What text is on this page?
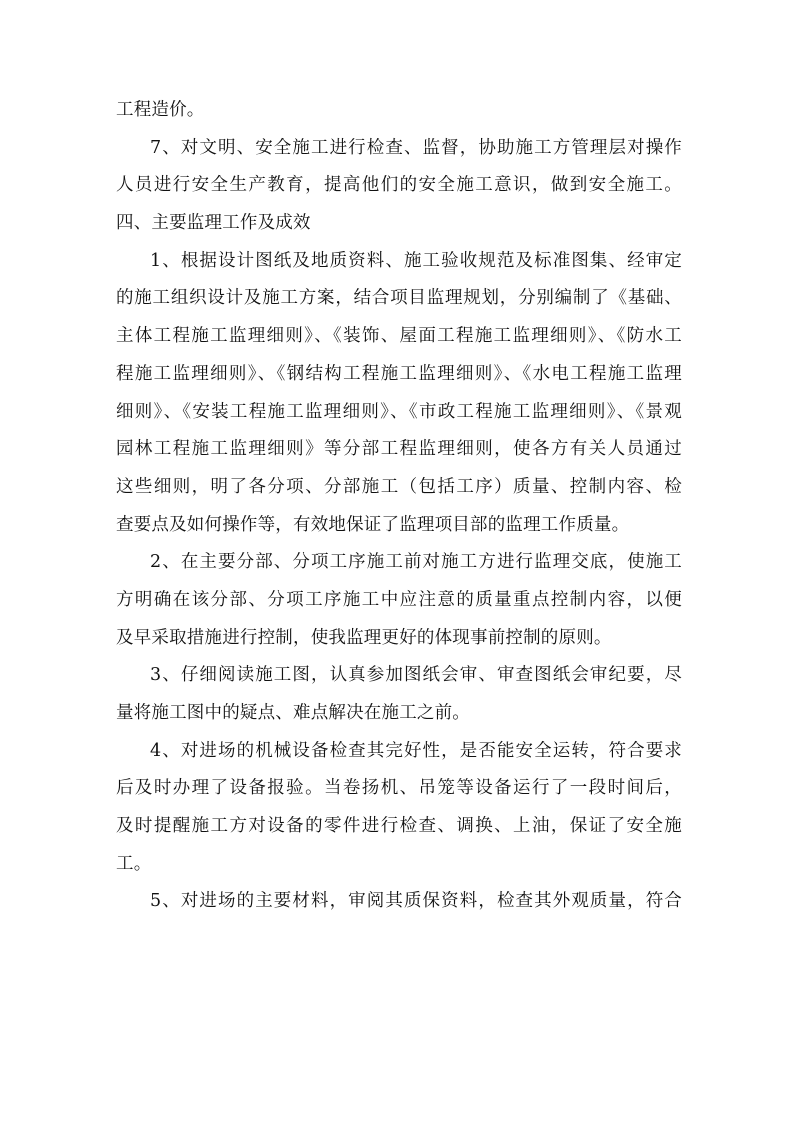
工程造价。
7、对文明、安全施工进行检查、监督，协助施工方管理层对操作
人员进行安全生产教育，提高他们的安全施工意识，做到安全施工。
四、主要监理工作及成效
1、根据设计图纸及地质资料、施工验收规范及标准图集、经审定
的施工组织设计及施工方案，结合项目监理规划，分别编制了《基础、
主体工程施工监理细则》、《装饰、屋面工程施工监理细则》、《防水工
程施工监理细则》、《钢结构工程施工监理细则》、《水电工程施工监理
细则》、《安装工程施工监理细则》、《市政工程施工监理细则》、《景观
园林工程施工监理细则》等分部工程监理细则，使各方有关人员通过
这些细则，明了各分项、分部施工（包括工序）质量、控制内容、检
查要点及如何操作等，有效地保证了监理项目部的监理工作质量。
2、在主要分部、分项工序施工前对施工方进行监理交底，使施工
方明确在该分部、分项工序施工中应注意的质量重点控制内容，以便
及早采取措施进行控制，使我监理更好的体现事前控制的原则。
3、仔细阅读施工图，认真参加图纸会审、审查图纸会审纪要，尽
量将施工图中的疑点、难点解决在施工之前。
4、对进场的机械设备检查其完好性，是否能安全运转，符合要求
后及时办理了设备报验。当卷扬机、吊笼等设备运行了一段时间后，
及时提醒施工方对设备的零件进行检查、调换、上油，保证了安全施
工。
5、对进场的主要材料，审阅其质保资料，检查其外观质量，符合
